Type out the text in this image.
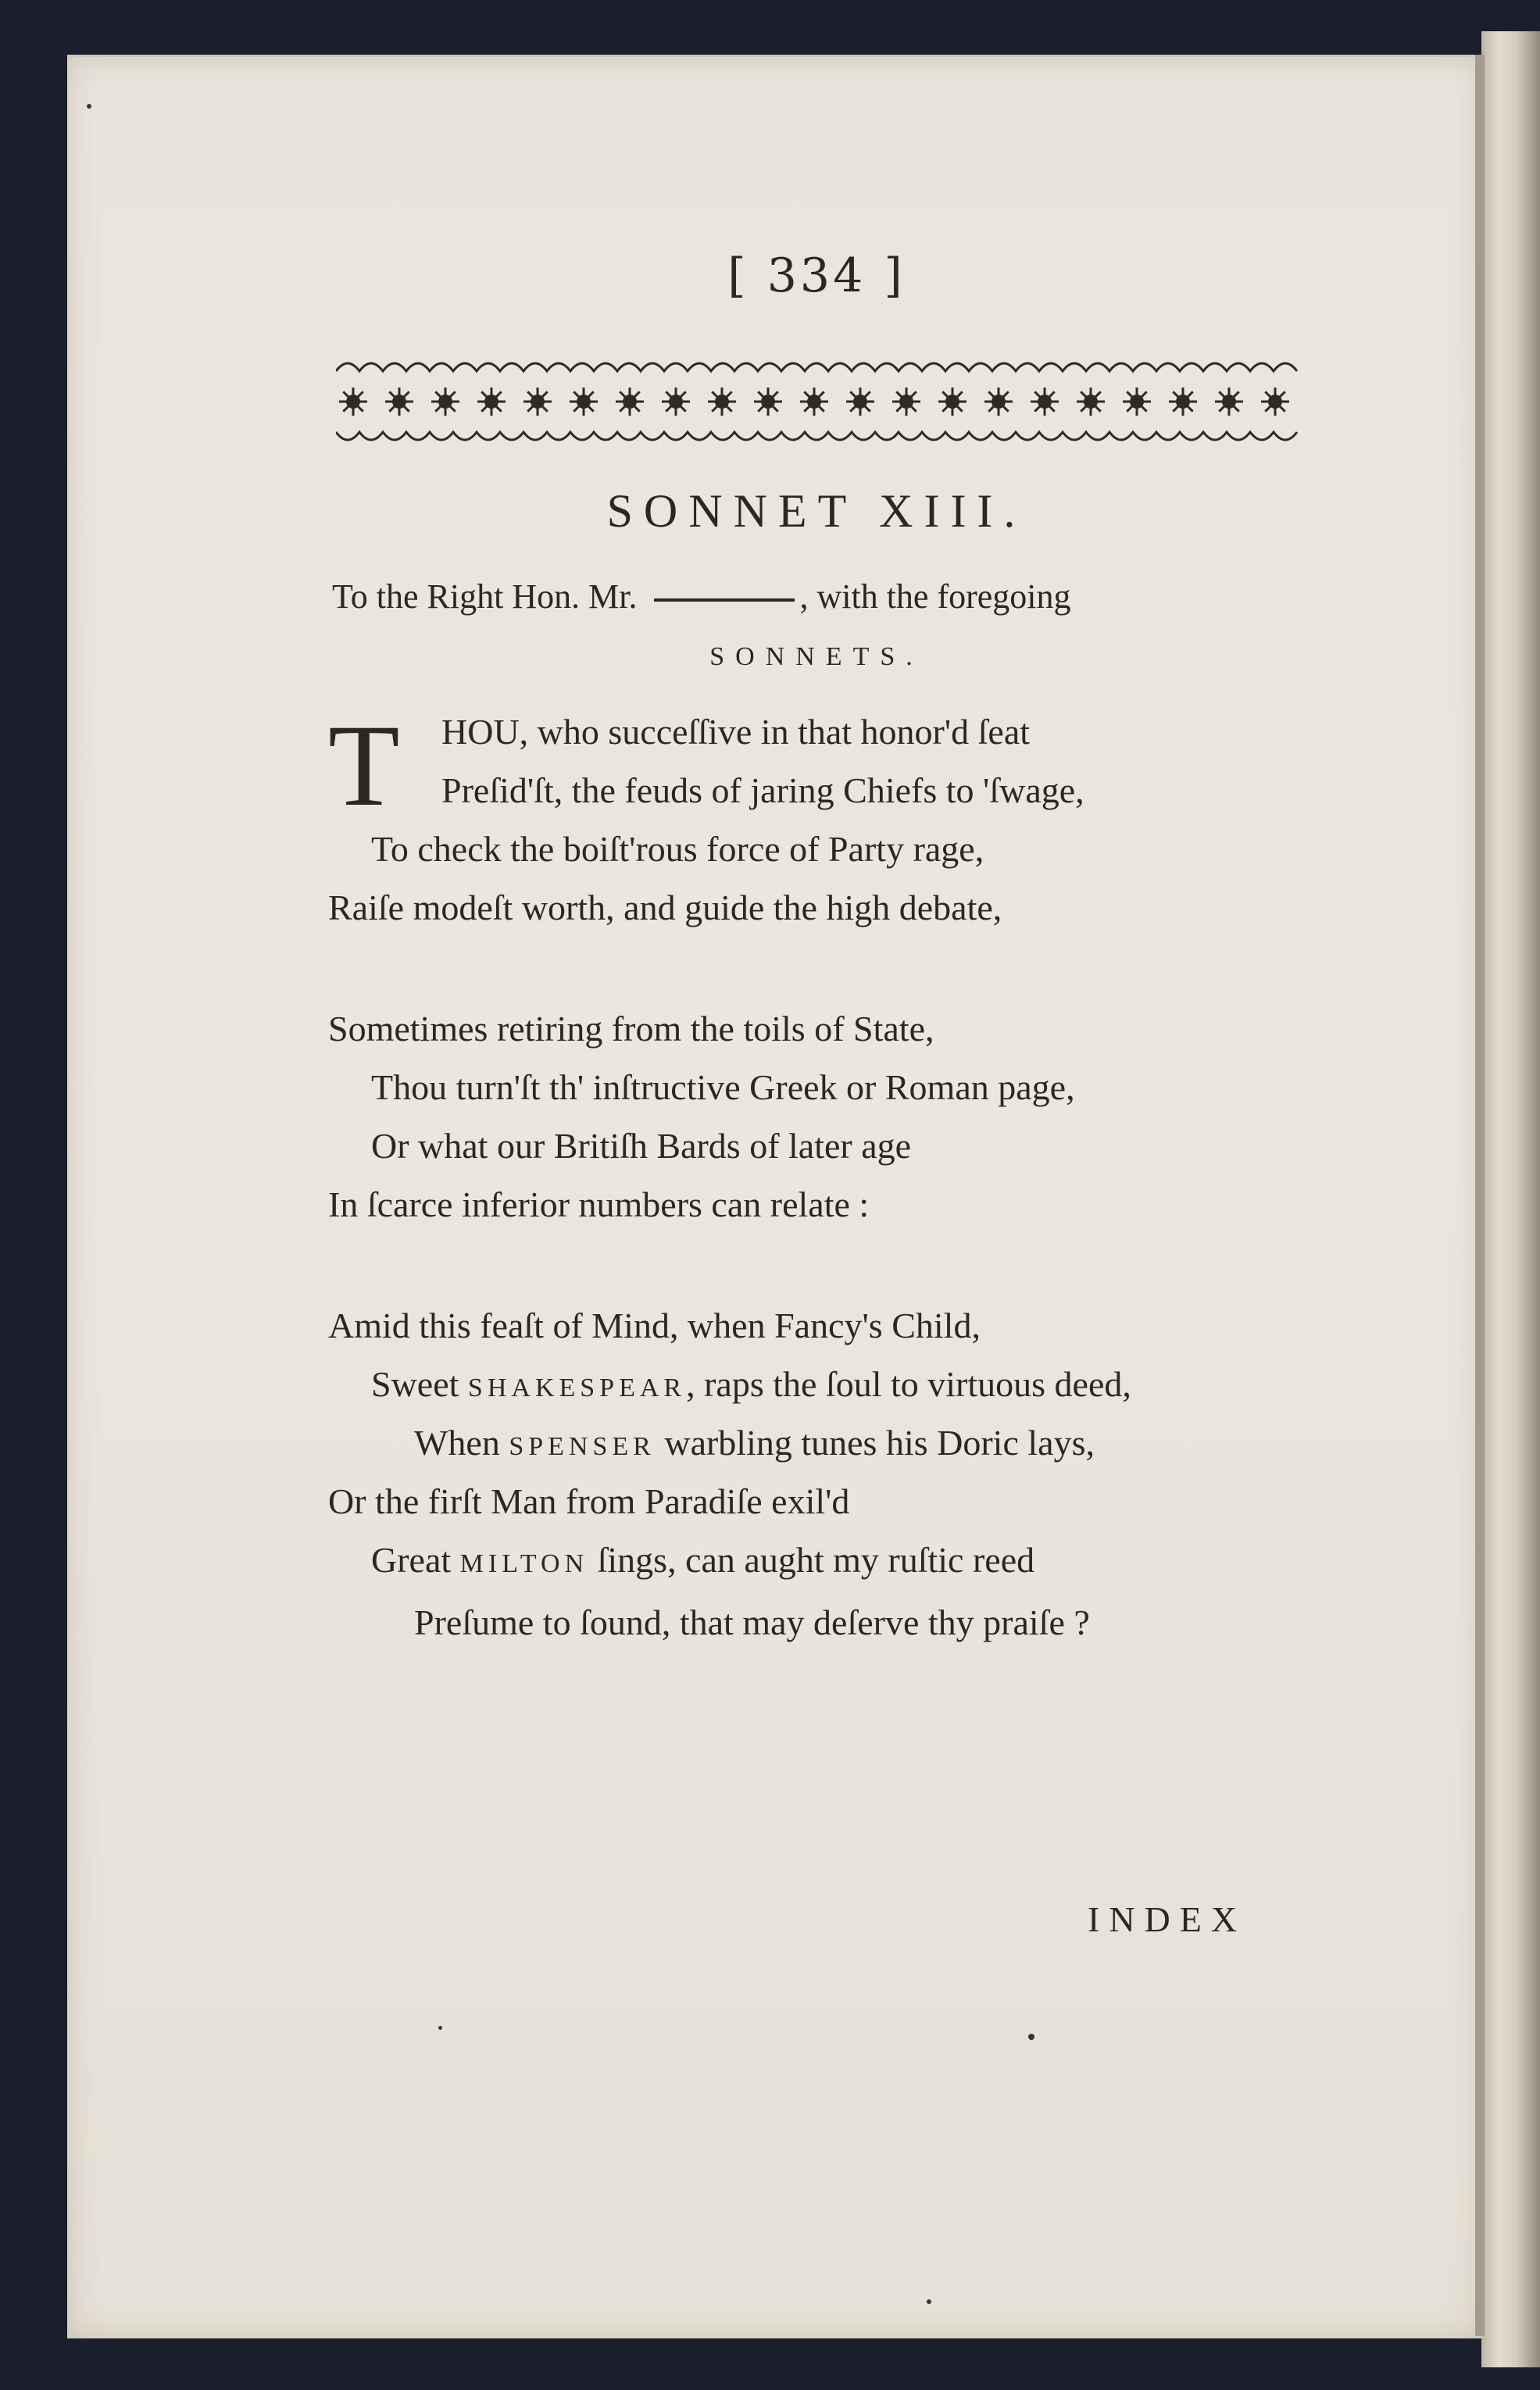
[ 334 ]
SONNET XIII.
To the Right Hon. Mr.	, with the foregoing
SONNETS.
T HOU, who succeſſive in that honor'd ſeat
Preſid'ſt, the feuds of jaring Chiefs to 'ſwage,
To check the boiſt'rous force of Party rage,
Raiſe modeſt worth, and guide the high debate,
Sometimes retiring from the toils of State,
Thou turn'ſt th' inſtructive Greek or Roman page,
Or what our Britiſh Bards of later age
In ſcarce inferior numbers can relate :
Amid this feaſt of Mind, when Fancy's Child,
Sweet SHAKESPEAR, raps the ſoul to virtuous deed,
When SPENSER warbling tunes his Doric lays,
Or the firſt Man from Paradiſe exil'd
Great MILTON ſings, can aught my ruſtic reed
Preſume to ſound, that may deſerve thy praiſe ?
INDEX
